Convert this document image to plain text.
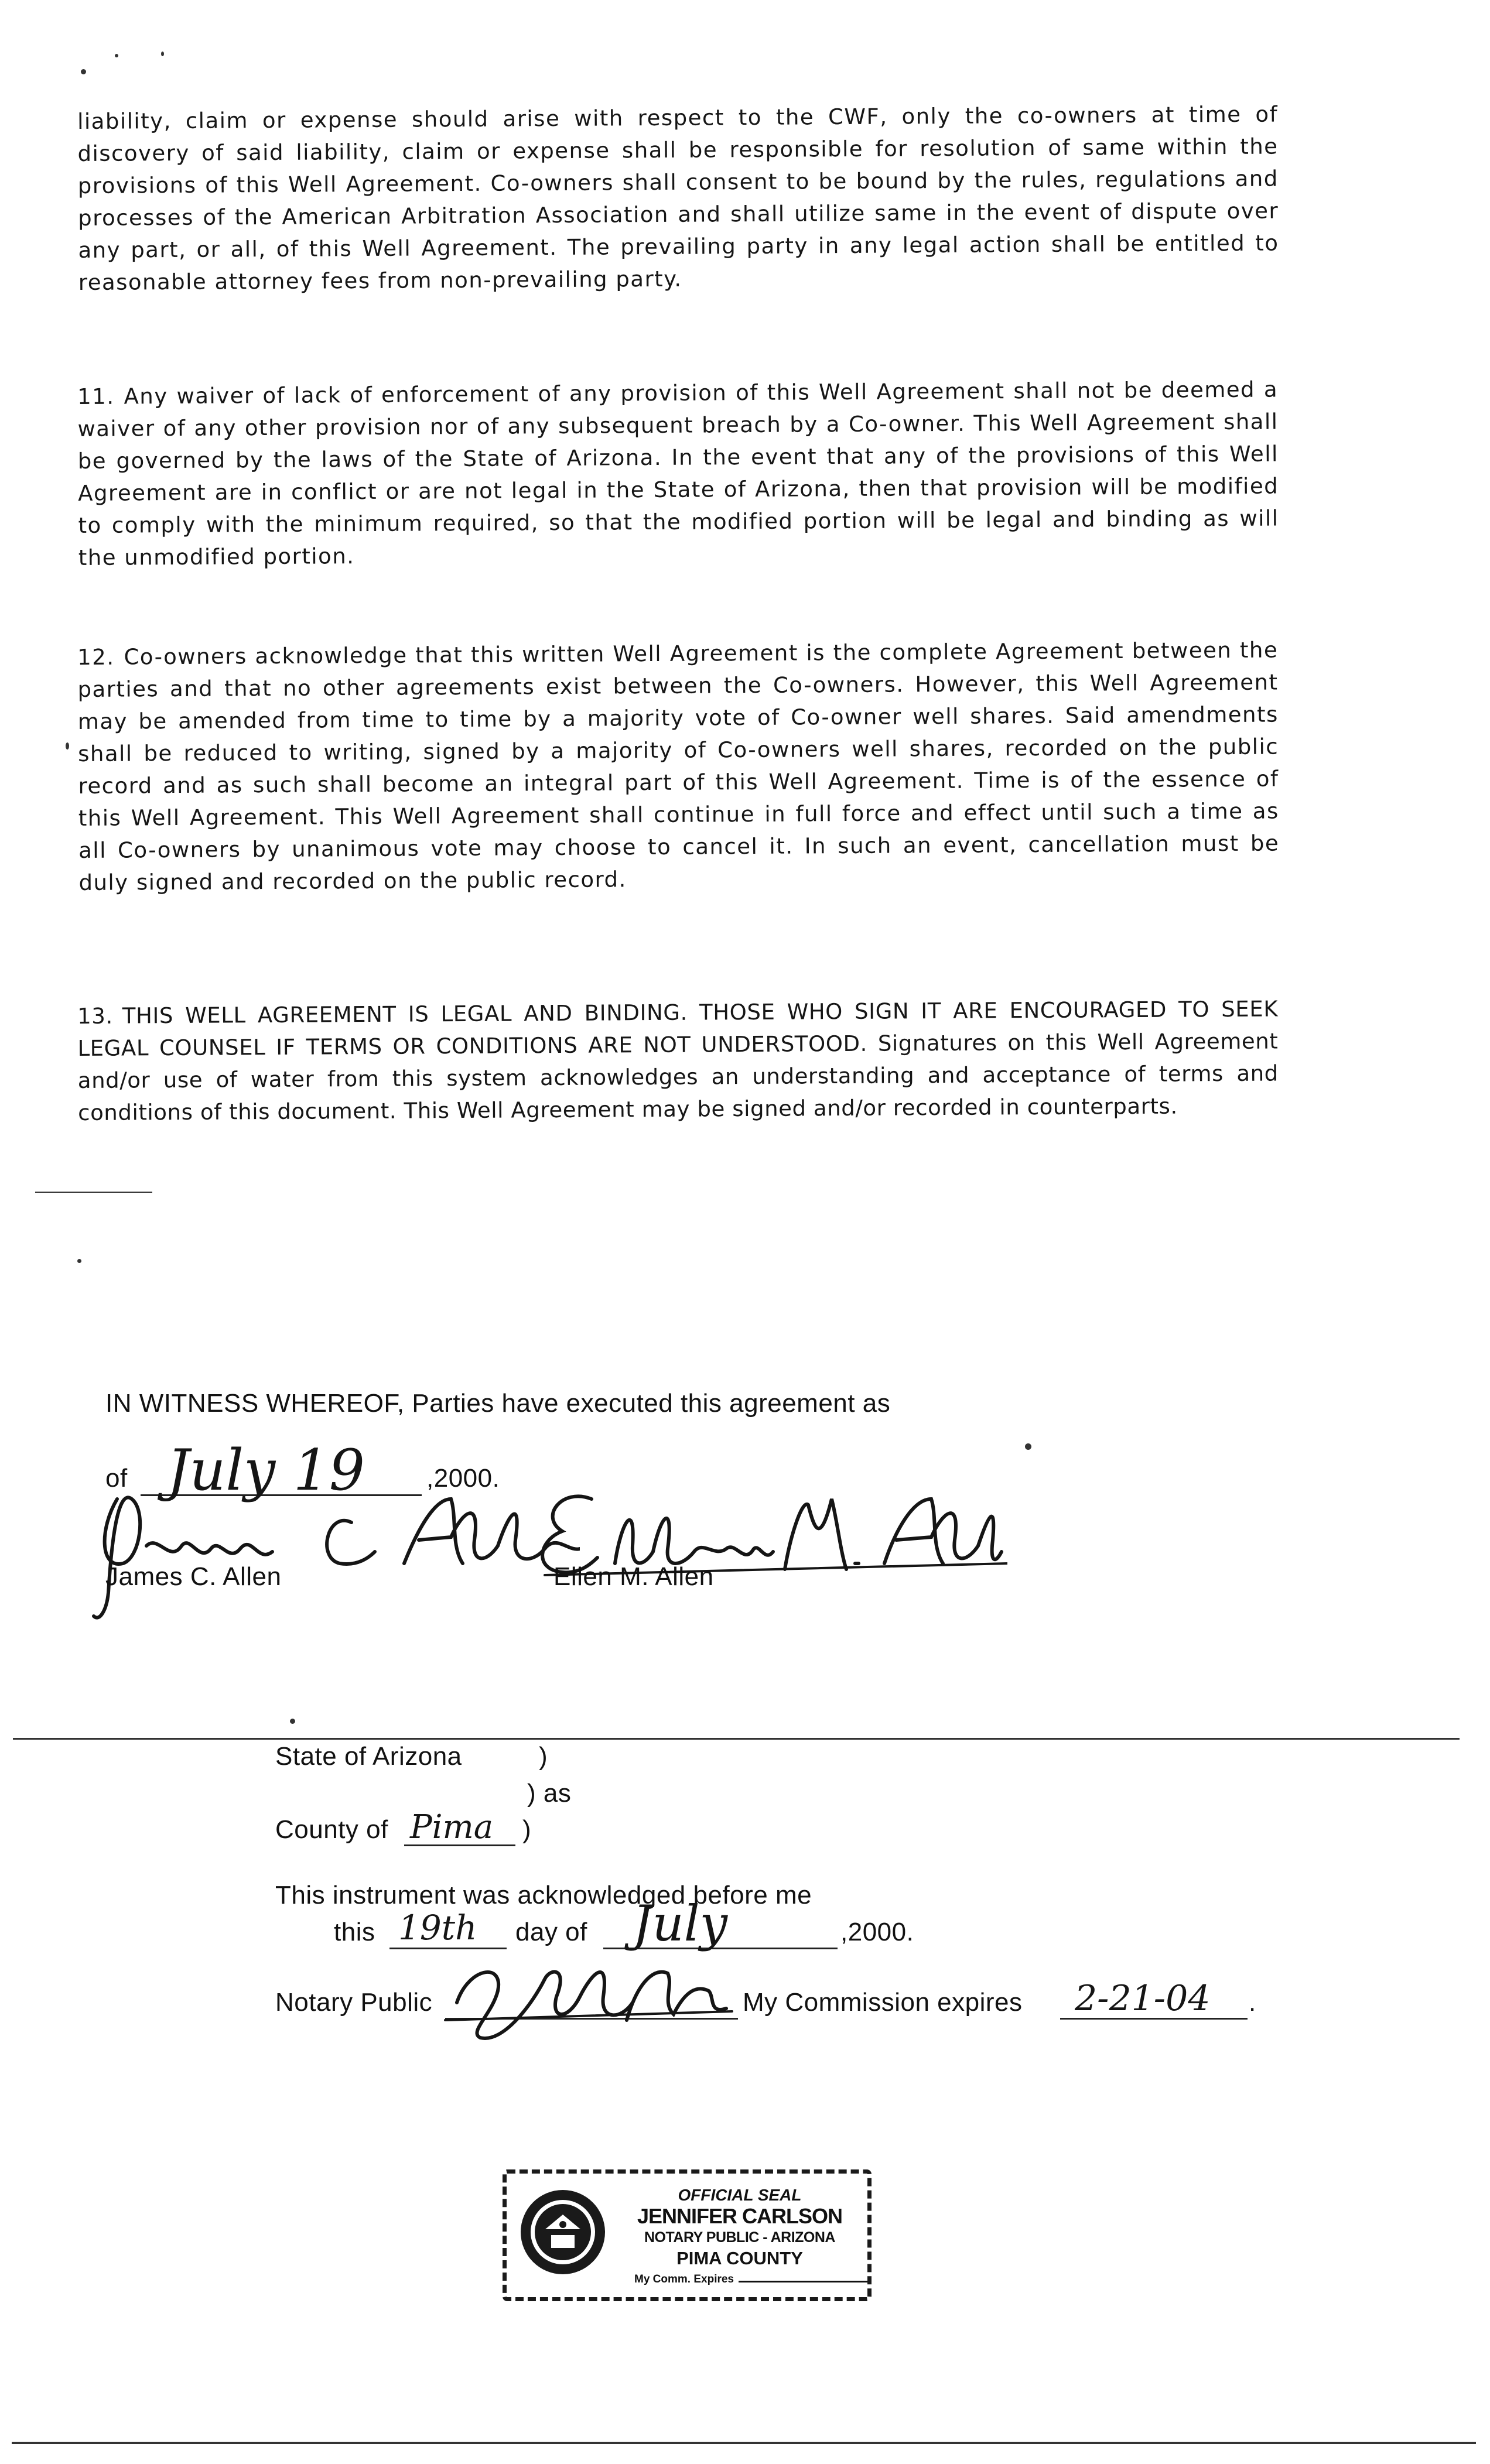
liability, claim or expense should arise with respect to the CWF, only the co-owners at time of discovery of said liability, claim or expense shall be responsible for resolution of same within the provisions of this Well Agreement. Co-owners shall consent to be bound by the rules, regulations and processes of the American Arbitration Association and shall utilize same in the event of dispute over any part, or all, of this Well Agreement. The prevailing party in any legal action shall be entitled to reasonable attorney fees from non-prevailing party.

11. Any waiver of lack of enforcement of any provision of this Well Agreement shall not be deemed a waiver of any other provision nor of any subsequent breach by a Co-owner. This Well Agreement shall be governed by the laws of the State of Arizona. In the event that any of the provisions of this Well Agreement are in conflict or are not legal in the State of Arizona, then that provision will be modified to comply with the minimum required, so that the modified portion will be legal and binding as will the unmodified portion.

12. Co-owners acknowledge that this written Well Agreement is the complete Agreement between the parties and that no other agreements exist between the Co-owners. However, this Well Agreement may be amended from time to time by a majority vote of Co-owner well shares. Said amendments shall be reduced to writing, signed by a majority of Co-owners well shares, recorded on the public record and as such shall become an integral part of this Well Agreement. Time is of the essence of this Well Agreement. This Well Agreement shall continue in full force and effect until such a time as all Co-owners by unanimous vote may choose to cancel it. In such an event, cancellation must be duly signed and recorded on the public record.

13. THIS WELL AGREEMENT IS LEGAL AND BINDING. THOSE WHO SIGN IT ARE ENCOURAGED TO SEEK LEGAL COUNSEL IF TERMS OR CONDITIONS ARE NOT UNDERSTOOD. Signatures on this Well Agreement and/or use of water from this system acknowledges an understanding and acceptance of terms and conditions of this document. This Well Agreement may be signed and/or recorded in counterparts.

IN WITNESS WHEREOF, Parties have executed this agreement as
of July 19 ,2000.
James C. Allen	Ellen M. Allen
State of Arizona	)
) as
County of Pima )
This instrument was acknowledged before me
this 19th day of July	,2000.
Notary Public	My Commission expires 2-21-04 .
OFFICIAL SEAL
JENNIFER CARLSON
NOTARY PUBLIC - ARIZONA
PIMA COUNTY
My Comm. Expires
